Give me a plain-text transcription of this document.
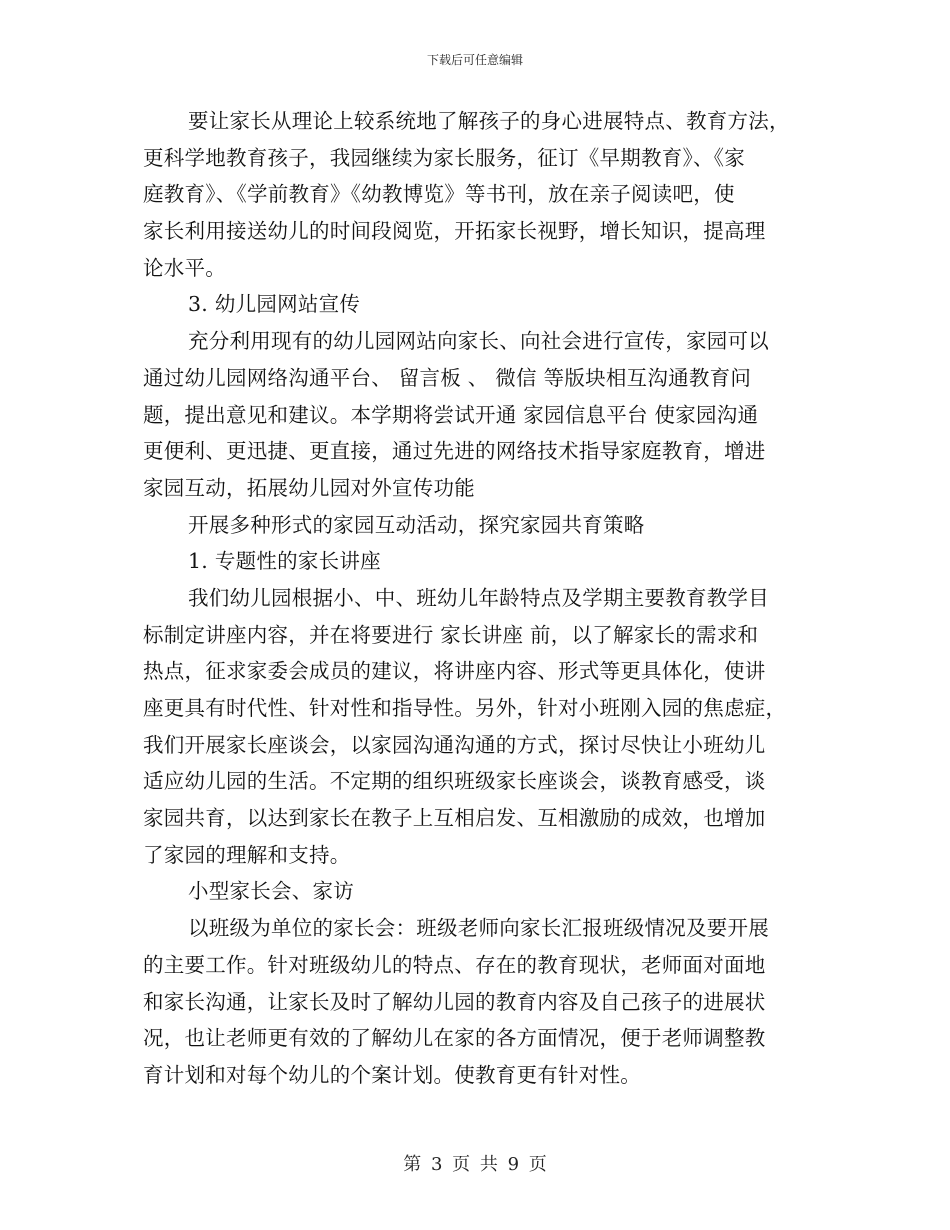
下载后可任意编辑
要让家长从理论上较系统地了解孩子的身心进展特点、教育方法，
更科学地教育孩子，我园继续为家长服务，征订《早期教育》、《家
庭教育》、《学前教育》《幼教博览》等书刊，放在亲子阅读吧，使
家长利用接送幼儿的时间段阅览，开拓家长视野，增长知识，提高理
论水平。
3. 幼儿园网站宣传
充分利用现有的幼儿园网站向家长、向社会进行宣传，家园可以
通过幼儿园网络沟通平台、 留言板 、 微信 等版块相互沟通教育问
题，提出意见和建议。本学期将尝试开通 家园信息平台 使家园沟通
更便利、更迅捷、更直接，通过先进的网络技术指导家庭教育，增进
家园互动，拓展幼儿园对外宣传功能
开展多种形式的家园互动活动，探究家园共育策略
1. 专题性的家长讲座
我们幼儿园根据小、中、班幼儿年龄特点及学期主要教育教学目
标制定讲座内容，并在将要进行 家长讲座 前，以了解家长的需求和
热点，征求家委会成员的建议，将讲座内容、形式等更具体化，使讲
座更具有时代性、针对性和指导性。另外，针对小班刚入园的焦虑症，
我们开展家长座谈会，以家园沟通沟通的方式，探讨尽快让小班幼儿
适应幼儿园的生活。不定期的组织班级家长座谈会，谈教育感受，谈
家园共育，以达到家长在教子上互相启发、互相激励的成效，也增加
了家园的理解和支持。
小型家长会、家访
以班级为单位的家长会：班级老师向家长汇报班级情况及要开展
的主要工作。针对班级幼儿的特点、存在的教育现状，老师面对面地
和家长沟通，让家长及时了解幼儿园的教育内容及自己孩子的进展状
况，也让老师更有效的了解幼儿在家的各方面情况，便于老师调整教
育计划和对每个幼儿的个案计划。使教育更有针对性。
第 3 页 共 9 页
